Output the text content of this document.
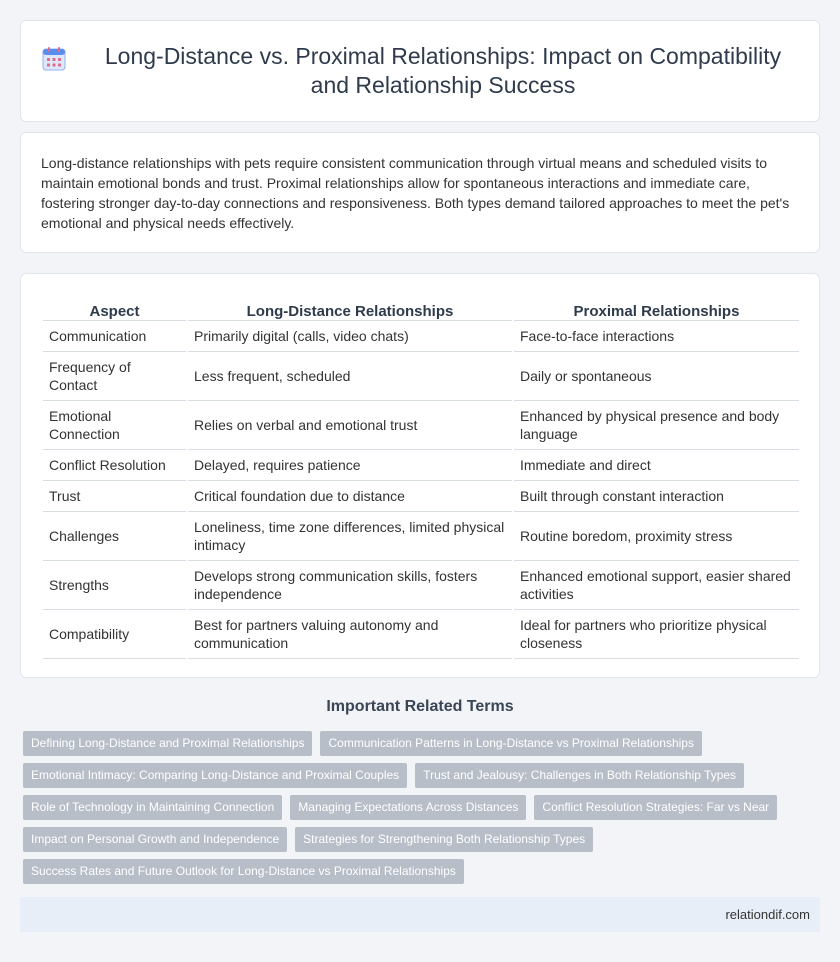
Long-Distance vs. Proximal Relationships: Impact on Compatibility and Relationship Success

Long-distance relationships with pets require consistent communication through virtual means and scheduled visits to maintain emotional bonds and trust. Proximal relationships allow for spontaneous interactions and immediate care, fostering stronger day-to-day connections and responsiveness. Both types demand tailored approaches to meet the pet's emotional and physical needs effectively.

Aspect	Long-Distance Relationships	Proximal Relationships
Communication	Primarily digital (calls, video chats)	Face-to-face interactions
Frequency of Contact	Less frequent, scheduled	Daily or spontaneous
Emotional Connection	Relies on verbal and emotional trust	Enhanced by physical presence and body language
Conflict Resolution	Delayed, requires patience	Immediate and direct
Trust	Critical foundation due to distance	Built through constant interaction
Challenges	Loneliness, time zone differences, limited physical intimacy	Routine boredom, proximity stress
Strengths	Develops strong communication skills, fosters independence	Enhanced emotional support, easier shared activities
Compatibility	Best for partners valuing autonomy and communication	Ideal for partners who prioritize physical closeness
Important Related Terms
Defining Long-Distance and Proximal Relationships	Communication Patterns in Long-Distance vs Proximal Relationships
Emotional Intimacy: Comparing Long-Distance and Proximal Couples	Trust and Jealousy: Challenges in Both Relationship Types
Role of Technology in Maintaining Connection	Managing Expectations Across Distances	Conflict Resolution Strategies: Far vs Near
Impact on Personal Growth and Independence	Strategies for Strengthening Both Relationship Types
Success Rates and Future Outlook for Long-Distance vs Proximal Relationships
relationdif.com
